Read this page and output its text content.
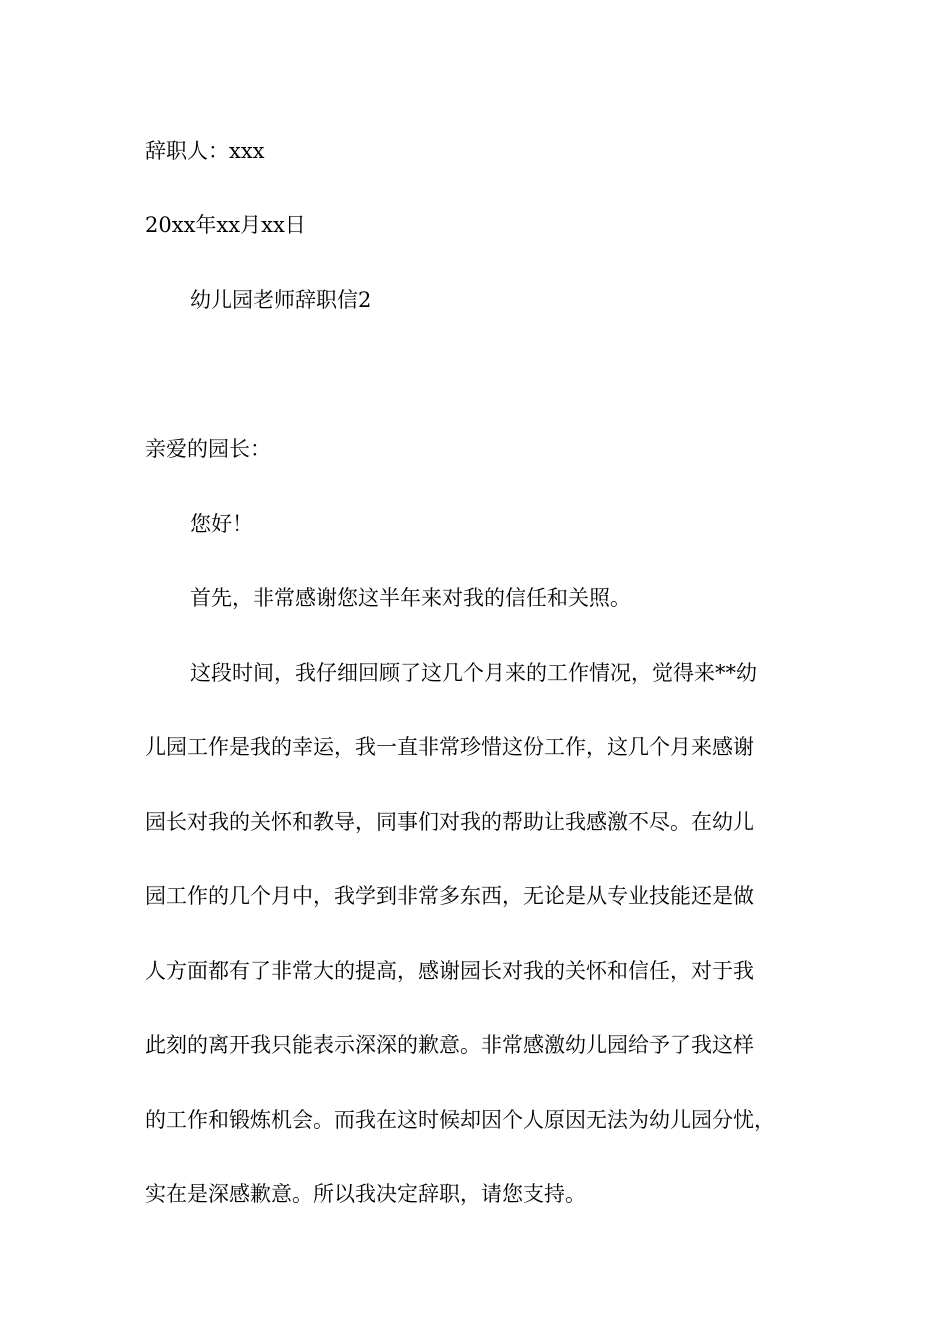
辞职人：xxx
20xx年xx月xx日
幼儿园老师辞职信2
亲爱的园长：
您好！
首先，非常感谢您这半年来对我的信任和关照。
这段时间，我仔细回顾了这几个月来的工作情况，觉得来**幼
儿园工作是我的幸运，我一直非常珍惜这份工作，这几个月来感谢
园长对我的关怀和教导，同事们对我的帮助让我感激不尽。在幼儿
园工作的几个月中，我学到非常多东西，无论是从专业技能还是做
人方面都有了非常大的提高，感谢园长对我的关怀和信任，对于我
此刻的离开我只能表示深深的歉意。非常感激幼儿园给予了我这样
的工作和锻炼机会。而我在这时候却因个人原因无法为幼儿园分忧，
实在是深感歉意。所以我决定辞职，请您支持。
